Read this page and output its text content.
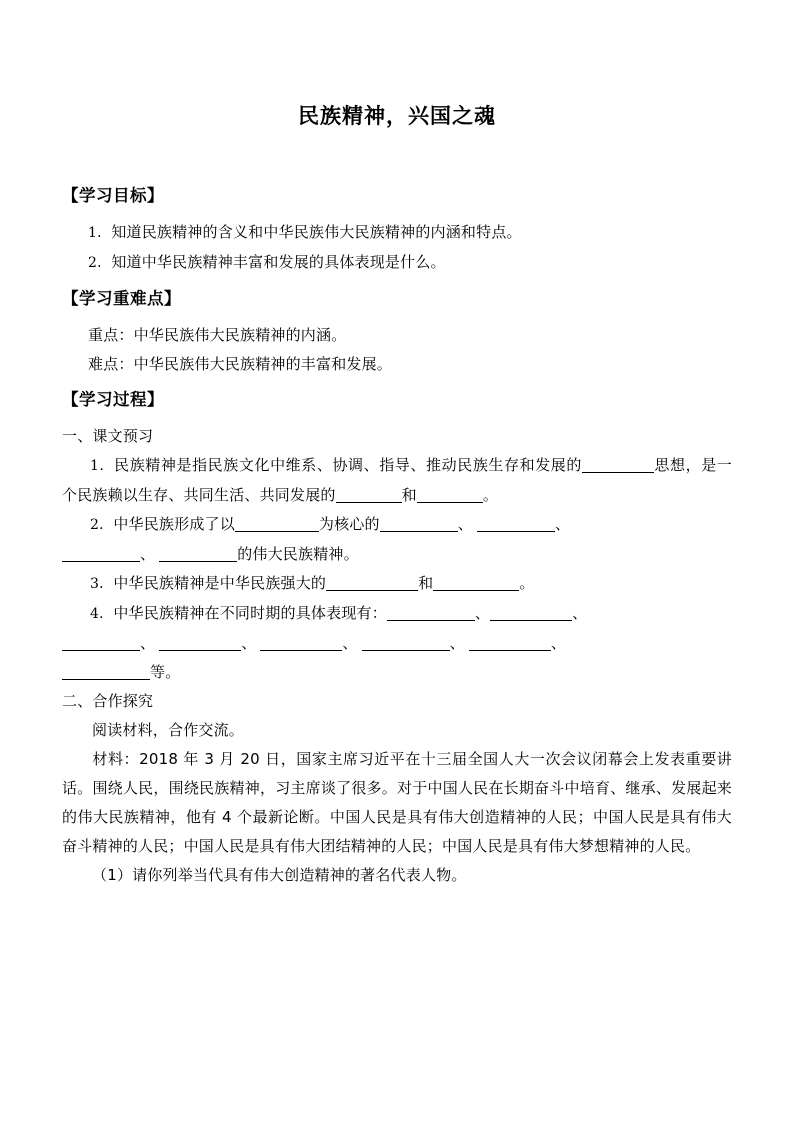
民族精神，兴国之魂
【学习目标】
1．知道民族精神的含义和中华民族伟大民族精神的内涵和特点。
2．知道中华民族精神丰富和发展的具体表现是什么。
【学习重难点】
重点：中华民族伟大民族精神的内涵。
难点：中华民族伟大民族精神的丰富和发展。
【学习过程】
一、课文预习
1．民族精神是指民族文化中维系、协调、指导、推动民族生存和发展的	思想，是一个民族赖以生存、共同生活、共同发展的	和	。
2．中华民族形成了以	为核心的	、	、
、	的伟大民族精神。
3．中华民族精神是中华民族强大的	和	。
4．中华民族精神在不同时期的具体表现有：	、	、
、	、	、	、	、
等。
二、合作探究
阅读材料，合作交流。
材料：2018 年 3 月 20 日，国家主席习近平在十三届全国人大一次会议闭幕会上发表重要讲话。围绕人民，围绕民族精神，习主席谈了很多。对于中国人民在长期奋斗中培育、继承、发展起来的伟大民族精神，他有 4 个最新论断。中国人民是具有伟大创造精神的人民；中国人民是具有伟大奋斗精神的人民；中国人民是具有伟大团结精神的人民；中国人民是具有伟大梦想精神的人民。
（1）请你列举当代具有伟大创造精神的著名代表人物。
